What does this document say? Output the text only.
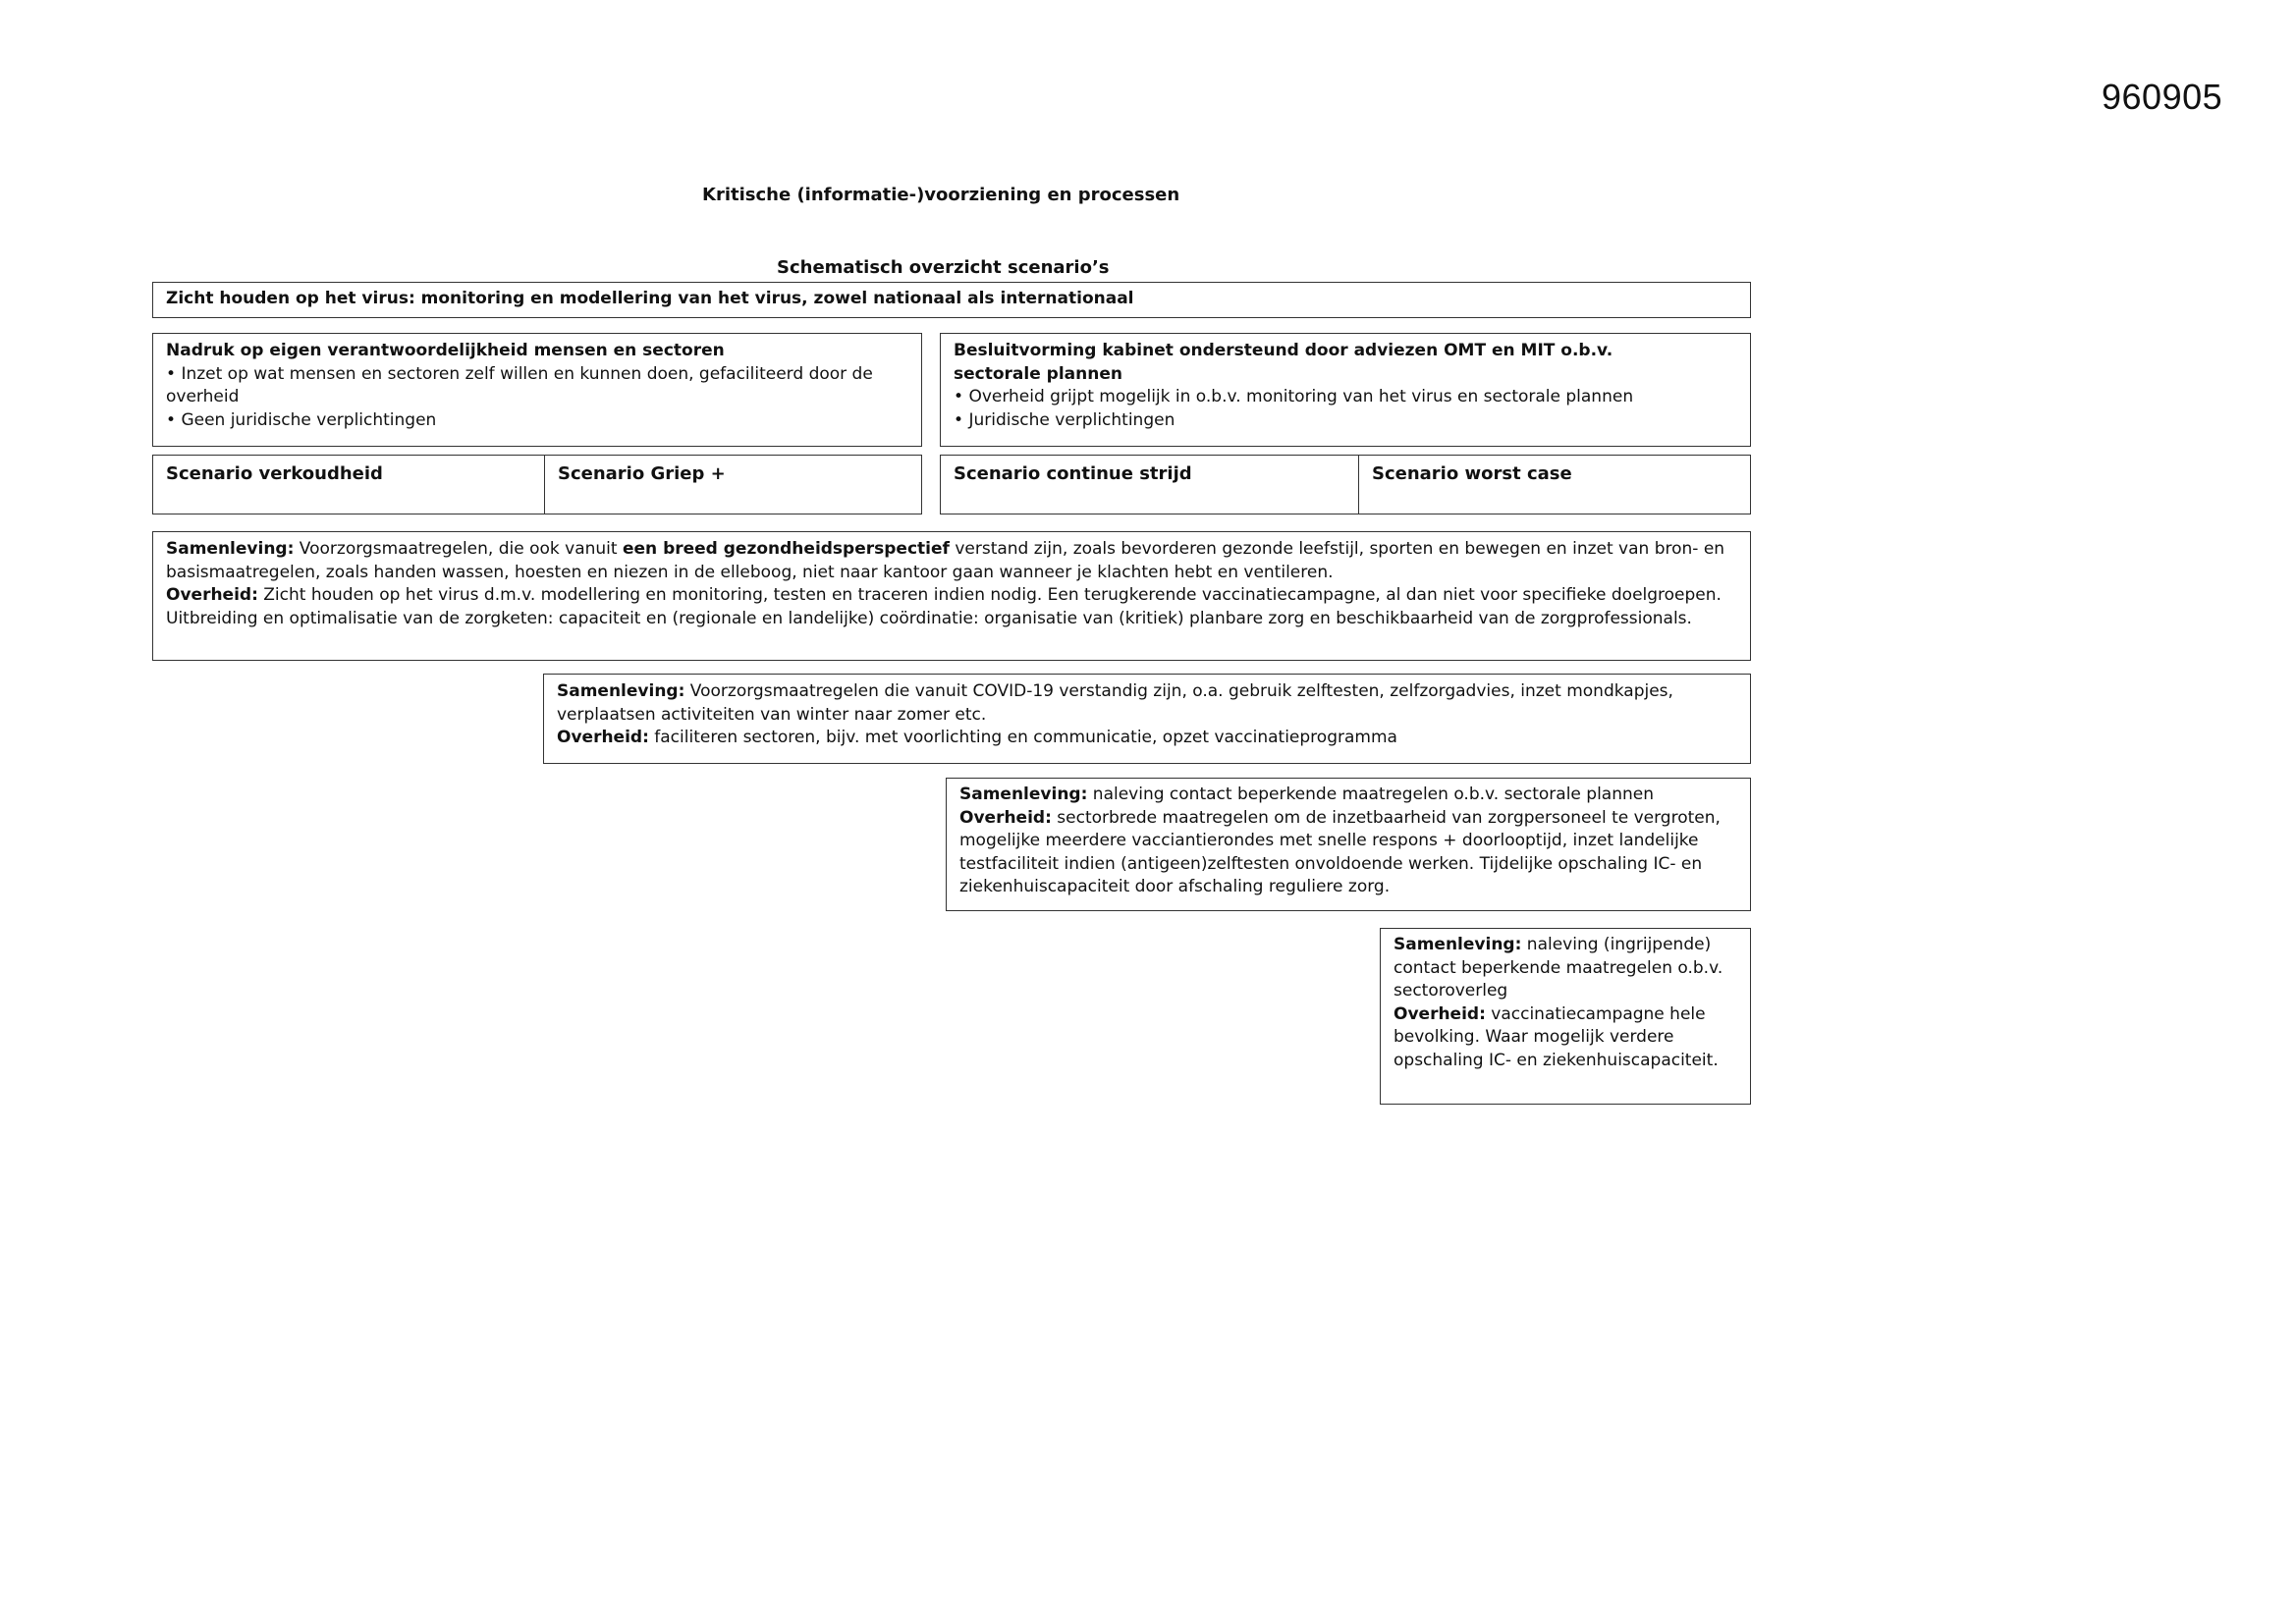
960905
Kritische (informatie-)voorziening en processen
Schematisch overzicht scenario’s
Zicht houden op het virus: monitoring en modellering van het virus, zowel nationaal als internationaal
Nadruk op eigen verantwoordelijkheid mensen en sectoren
• Inzet op wat mensen en sectoren zelf willen en kunnen doen, gefaciliteerd door de overheid
• Geen juridische verplichtingen
Besluitvorming kabinet ondersteund door adviezen OMT en MIT o.b.v. sectorale plannen
• Overheid grijpt mogelijk in o.b.v. monitoring van het virus en sectorale plannen
• Juridische verplichtingen
Scenario verkoudheid	Scenario Griep +	Scenario continue strijd	Scenario worst case
Samenleving: Voorzorgsmaatregelen, die ook vanuit een breed gezondheidsperspectief verstand zijn, zoals bevorderen gezonde leefstijl, sporten en bewegen en inzet van bron- en basismaatregelen, zoals handen wassen, hoesten en niezen in de elleboog, niet naar kantoor gaan wanneer je klachten hebt en ventileren.
Overheid: Zicht houden op het virus d.m.v. modellering en monitoring, testen en traceren indien nodig. Een terugkerende vaccinatiecampagne, al dan niet voor specifieke doelgroepen. Uitbreiding en optimalisatie van de zorgketen: capaciteit en (regionale en landelijke) coördinatie: organisatie van (kritiek) planbare zorg en beschikbaarheid van de zorgprofessionals.
Samenleving: Voorzorgsmaatregelen die vanuit COVID-19 verstandig zijn, o.a. gebruik zelftesten, zelfzorgadvies, inzet mondkapjes, verplaatsen activiteiten van winter naar zomer etc.
Overheid: faciliteren sectoren, bijv. met voorlichting en communicatie, opzet vaccinatieprogramma
Samenleving: naleving contact beperkende maatregelen o.b.v. sectorale plannen
Overheid: sectorbrede maatregelen om de inzetbaarheid van zorgpersoneel te vergroten, mogelijke meerdere vacciantierondes met snelle respons + doorlooptijd, inzet landelijke testfaciliteit indien (antigeen)zelftesten onvoldoende werken. Tijdelijke opschaling IC- en ziekenhuiscapaciteit door afschaling reguliere zorg.
Samenleving: naleving (ingrijpende) contact beperkende maatregelen o.b.v. sectoroverleg
Overheid: vaccinatiecampagne hele bevolking. Waar mogelijk verdere opschaling IC- en ziekenhuiscapaciteit.
